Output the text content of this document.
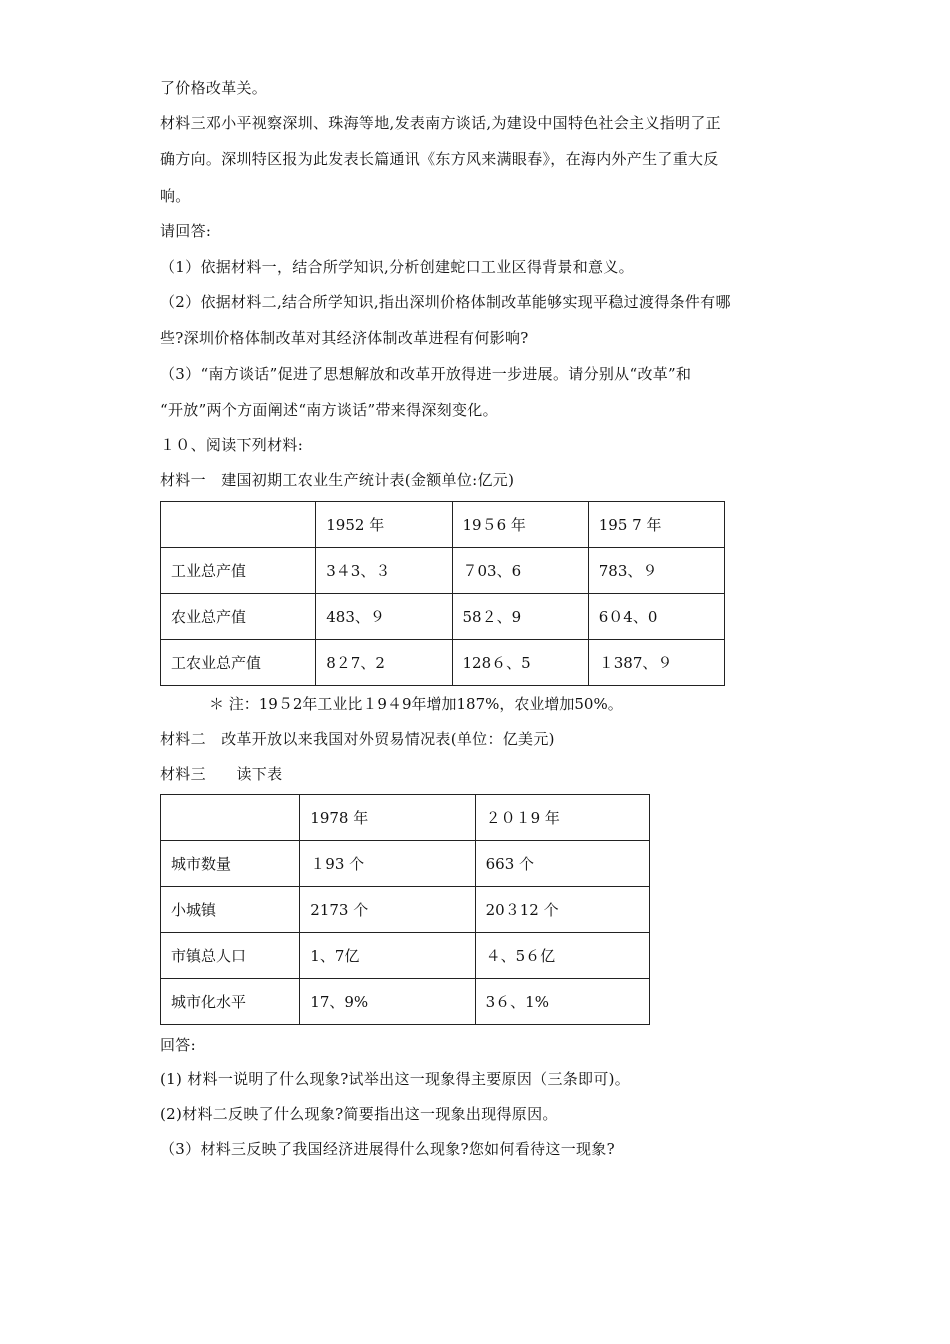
了价格改革关。
材料三邓小平视察深圳、珠海等地,发表南方谈话,为建设中国特色社会主义指明了正
确方向。深圳特区报为此发表长篇通讯《东方风来满眼春》，在海内外产生了重大反
响。
请回答:
（1）依据材料一，结合所学知识,分析创建蛇口工业区得背景和意义。
（2）依据材料二,结合所学知识,指出深圳价格体制改革能够实现平稳过渡得条件有哪
些?深圳价格体制改革对其经济体制改革进程有何影响?
（3）“南方谈话”促进了思想解放和改革开放得进一步进展。请分别从“改革”和
“开放”两个方面阐述“南方谈话”带来得深刻变化。
１０、阅读下列材料:
材料一　建国初期工农业生产统计表(金额单位:亿元)
	1952 年	19５6 年	195 7 年
工业总产值	3４3、３	７03、6	783、９
农业总产值	483、９	58２、9	6０4、0
工农业总产值	8２7、2	128６、5	１387、９
＊ 注：19５2年工业比１9４9年增加187%，农业增加50%。
材料二　改革开放以来我国对外贸易情况表(单位：亿美元)
材料三　　读下表
	1978 年	２０１9 年
城市数量	１93 个	663 个
小城镇	2173 个	20３12 个
市镇总人口	1、7亿	４、5６亿
城市化水平	17、9%	3６、1%
回答:
(1) 材料一说明了什么现象?试举出这一现象得主要原因（三条即可)。
(2)材料二反映了什么现象?简要指出这一现象出现得原因。
（3）材料三反映了我国经济进展得什么现象?您如何看待这一现象?
